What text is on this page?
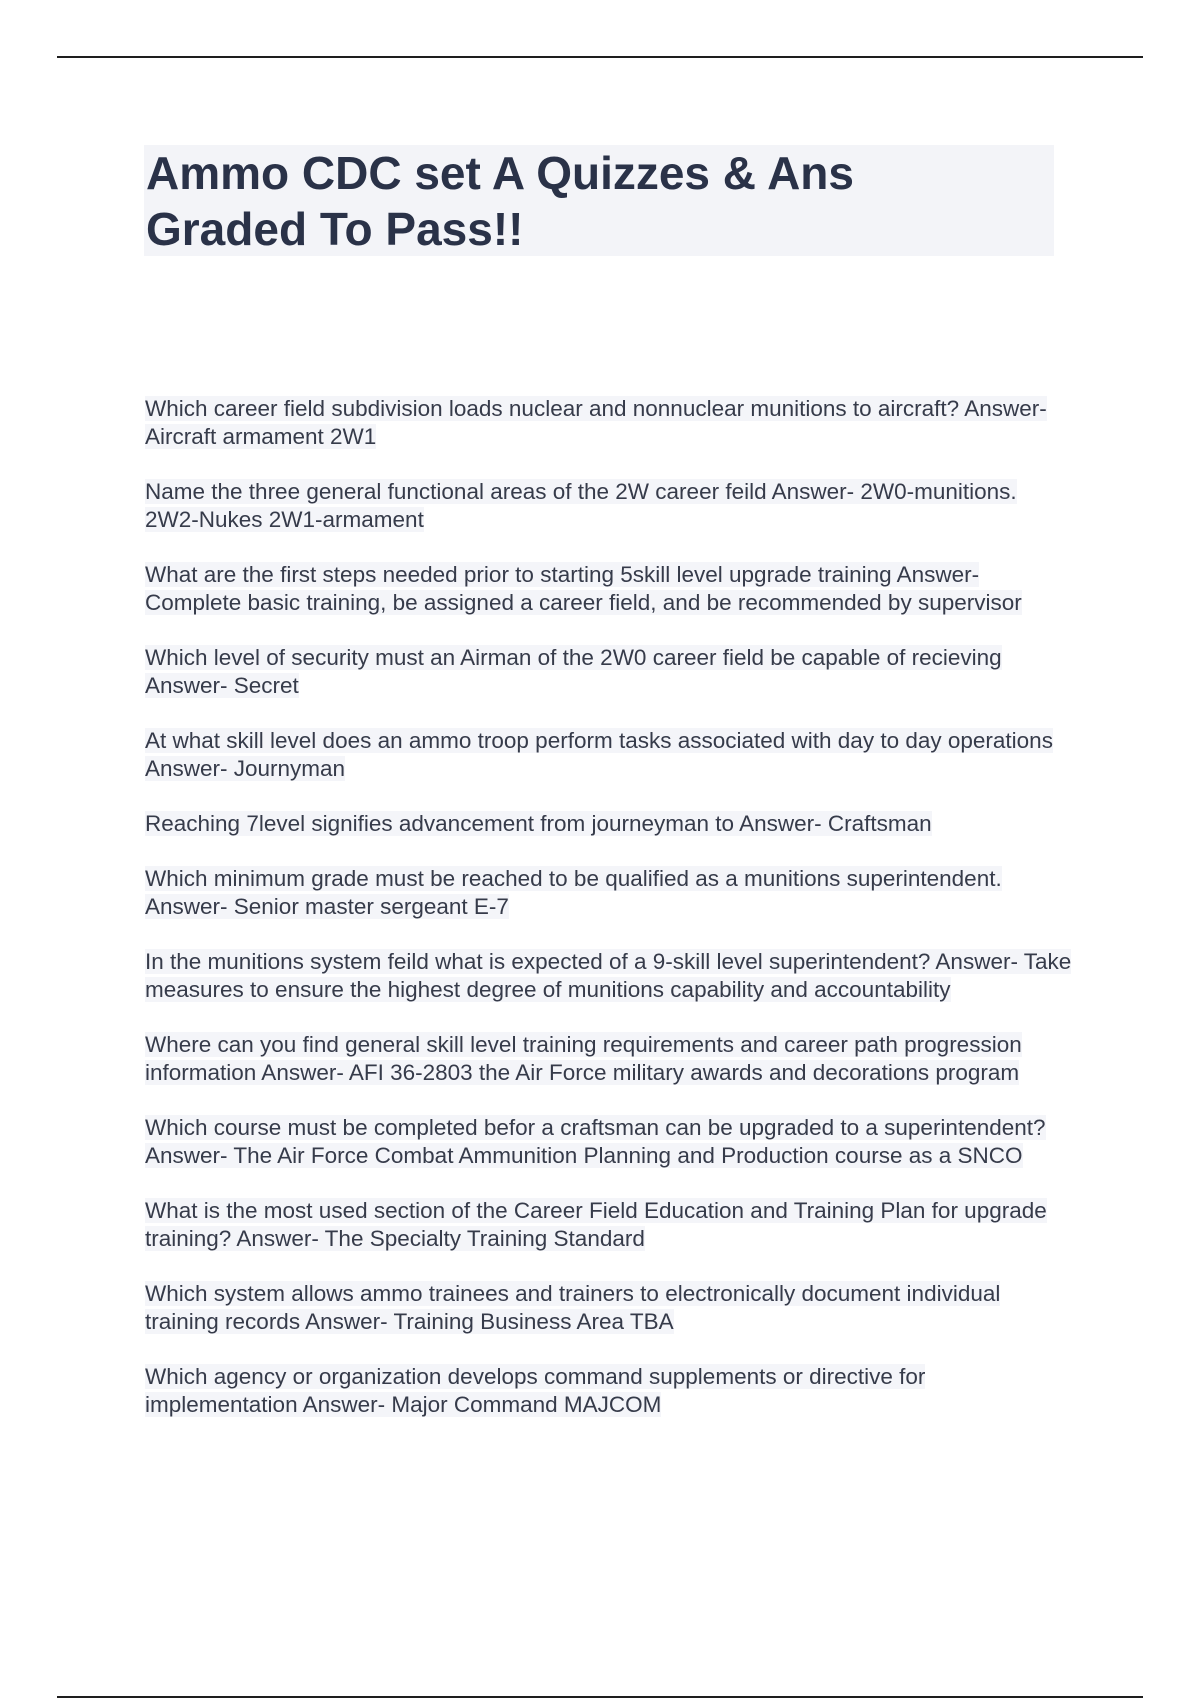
Ammo CDC set A Quizzes & Ans
Graded To Pass!!
Which career field subdivision loads nuclear and nonnuclear munitions to aircraft? Answer- Aircraft armament 2W1
Name the three general functional areas of the 2W career feild Answer- 2W0-munitions. 2W2-Nukes 2W1-armament
What are the first steps needed prior to starting 5skill level upgrade training Answer- Complete basic training, be assigned a career field, and be recommended by supervisor
Which level of security must an Airman of the 2W0 career field be capable of recieving Answer- Secret
At what skill level does an ammo troop perform tasks associated with day to day operations Answer- Journyman
Reaching 7level signifies advancement from journeyman to Answer- Craftsman
Which minimum grade must be reached to be qualified as a munitions superintendent. Answer- Senior master sergeant E-7
In the munitions system feild what is expected of a 9-skill level superintendent? Answer- Take measures to ensure the highest degree of munitions capability and accountability
Where can you find general skill level training requirements and career path progression information Answer- AFI 36-2803 the Air Force military awards and decorations program
Which course must be completed befor a craftsman can be upgraded to a superintendent? Answer- The Air Force Combat Ammunition Planning and Production course as a SNCO
What is the most used section of the Career Field Education and Training Plan for upgrade training? Answer- The Specialty Training Standard
Which system allows ammo trainees and trainers to electronically document individual training records Answer- Training Business Area TBA
Which agency or organization develops command supplements or directive for implementation Answer- Major Command MAJCOM
